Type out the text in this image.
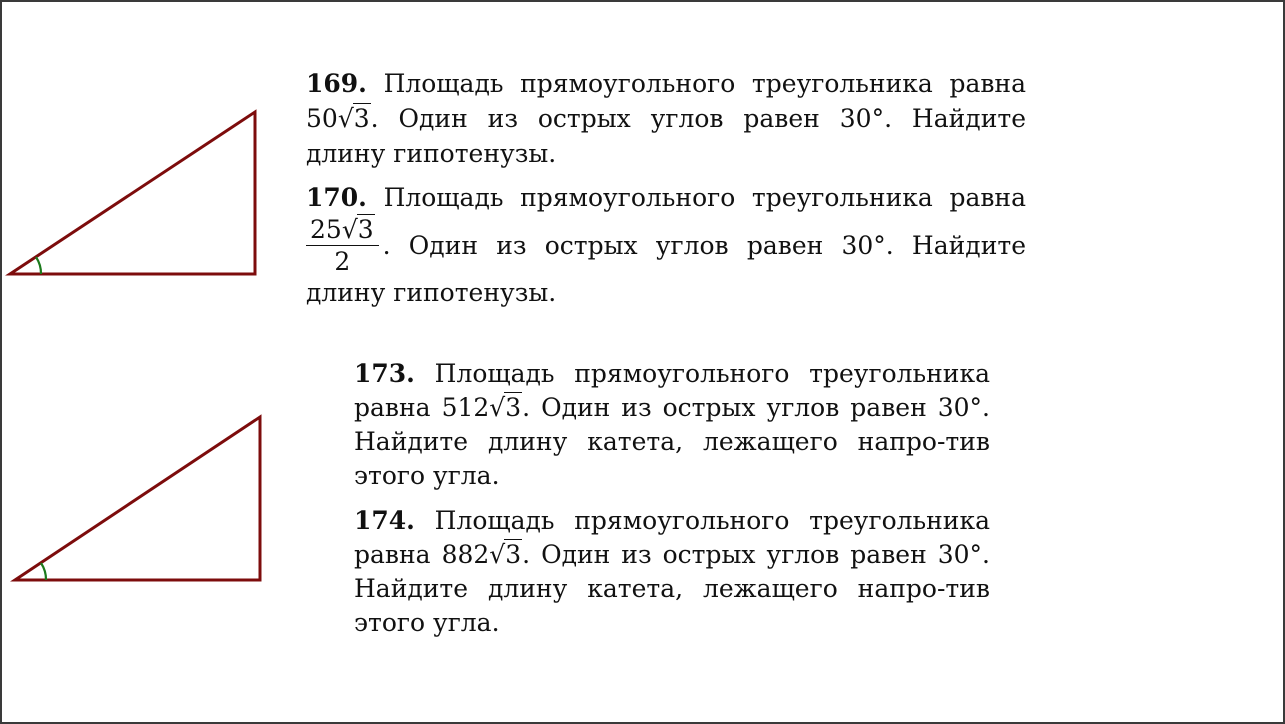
169. Площадь прямоугольного треугольника равна
50√3. Один из острых углов равен 30°. Найдите
длину гипотенузы.
170. Площадь прямоугольного треугольника равна
$\frac{25√3}{2}$ . Один из острых углов равен 30°. Найдите
длину гипотенузы.
173. Площадь прямоугольного треугольника равна 512√3. Один из острых углов равен 30°. Найдите длину катета, лежащего напро-тив этого угла.
174. Площадь прямоугольного треугольника равна 882√3. Один из острых углов равен 30°. Найдите длину катета, лежащего напро-тив этого угла.
